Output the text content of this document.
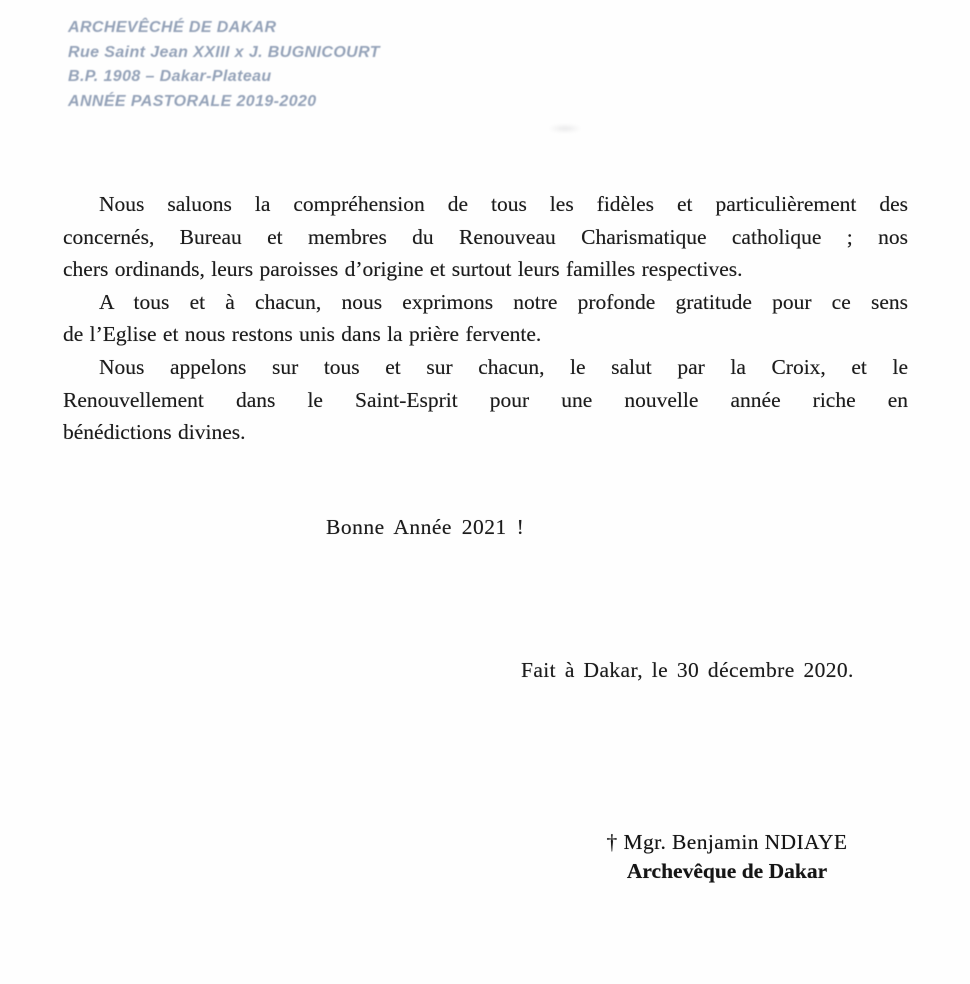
ARCHEVÊCHÉ DE DAKAR
Rue Saint Jean XXIII x J. BUGNICOURT
B.P. 1908 – Dakar-Plateau
ANNÉE PASTORALE 2019-2020
Nous saluons la compréhension de tous les fidèles et particulièrement des
concernés, Bureau et membres du Renouveau Charismatique catholique ; nos
chers ordinands, leurs paroisses d’origine et surtout leurs familles respectives.
A tous et à chacun, nous exprimons notre profonde gratitude pour ce sens
de l’Eglise et nous restons unis dans la prière fervente.
Nous appelons sur tous et sur chacun, le salut par la Croix, et le
Renouvellement dans le Saint-Esprit pour une nouvelle année riche en
bénédictions divines.

Bonne Année 2021 !

Fait à Dakar, le 30 décembre 2020.

† Mgr. Benjamin NDIAYE
Archevêque de Dakar
